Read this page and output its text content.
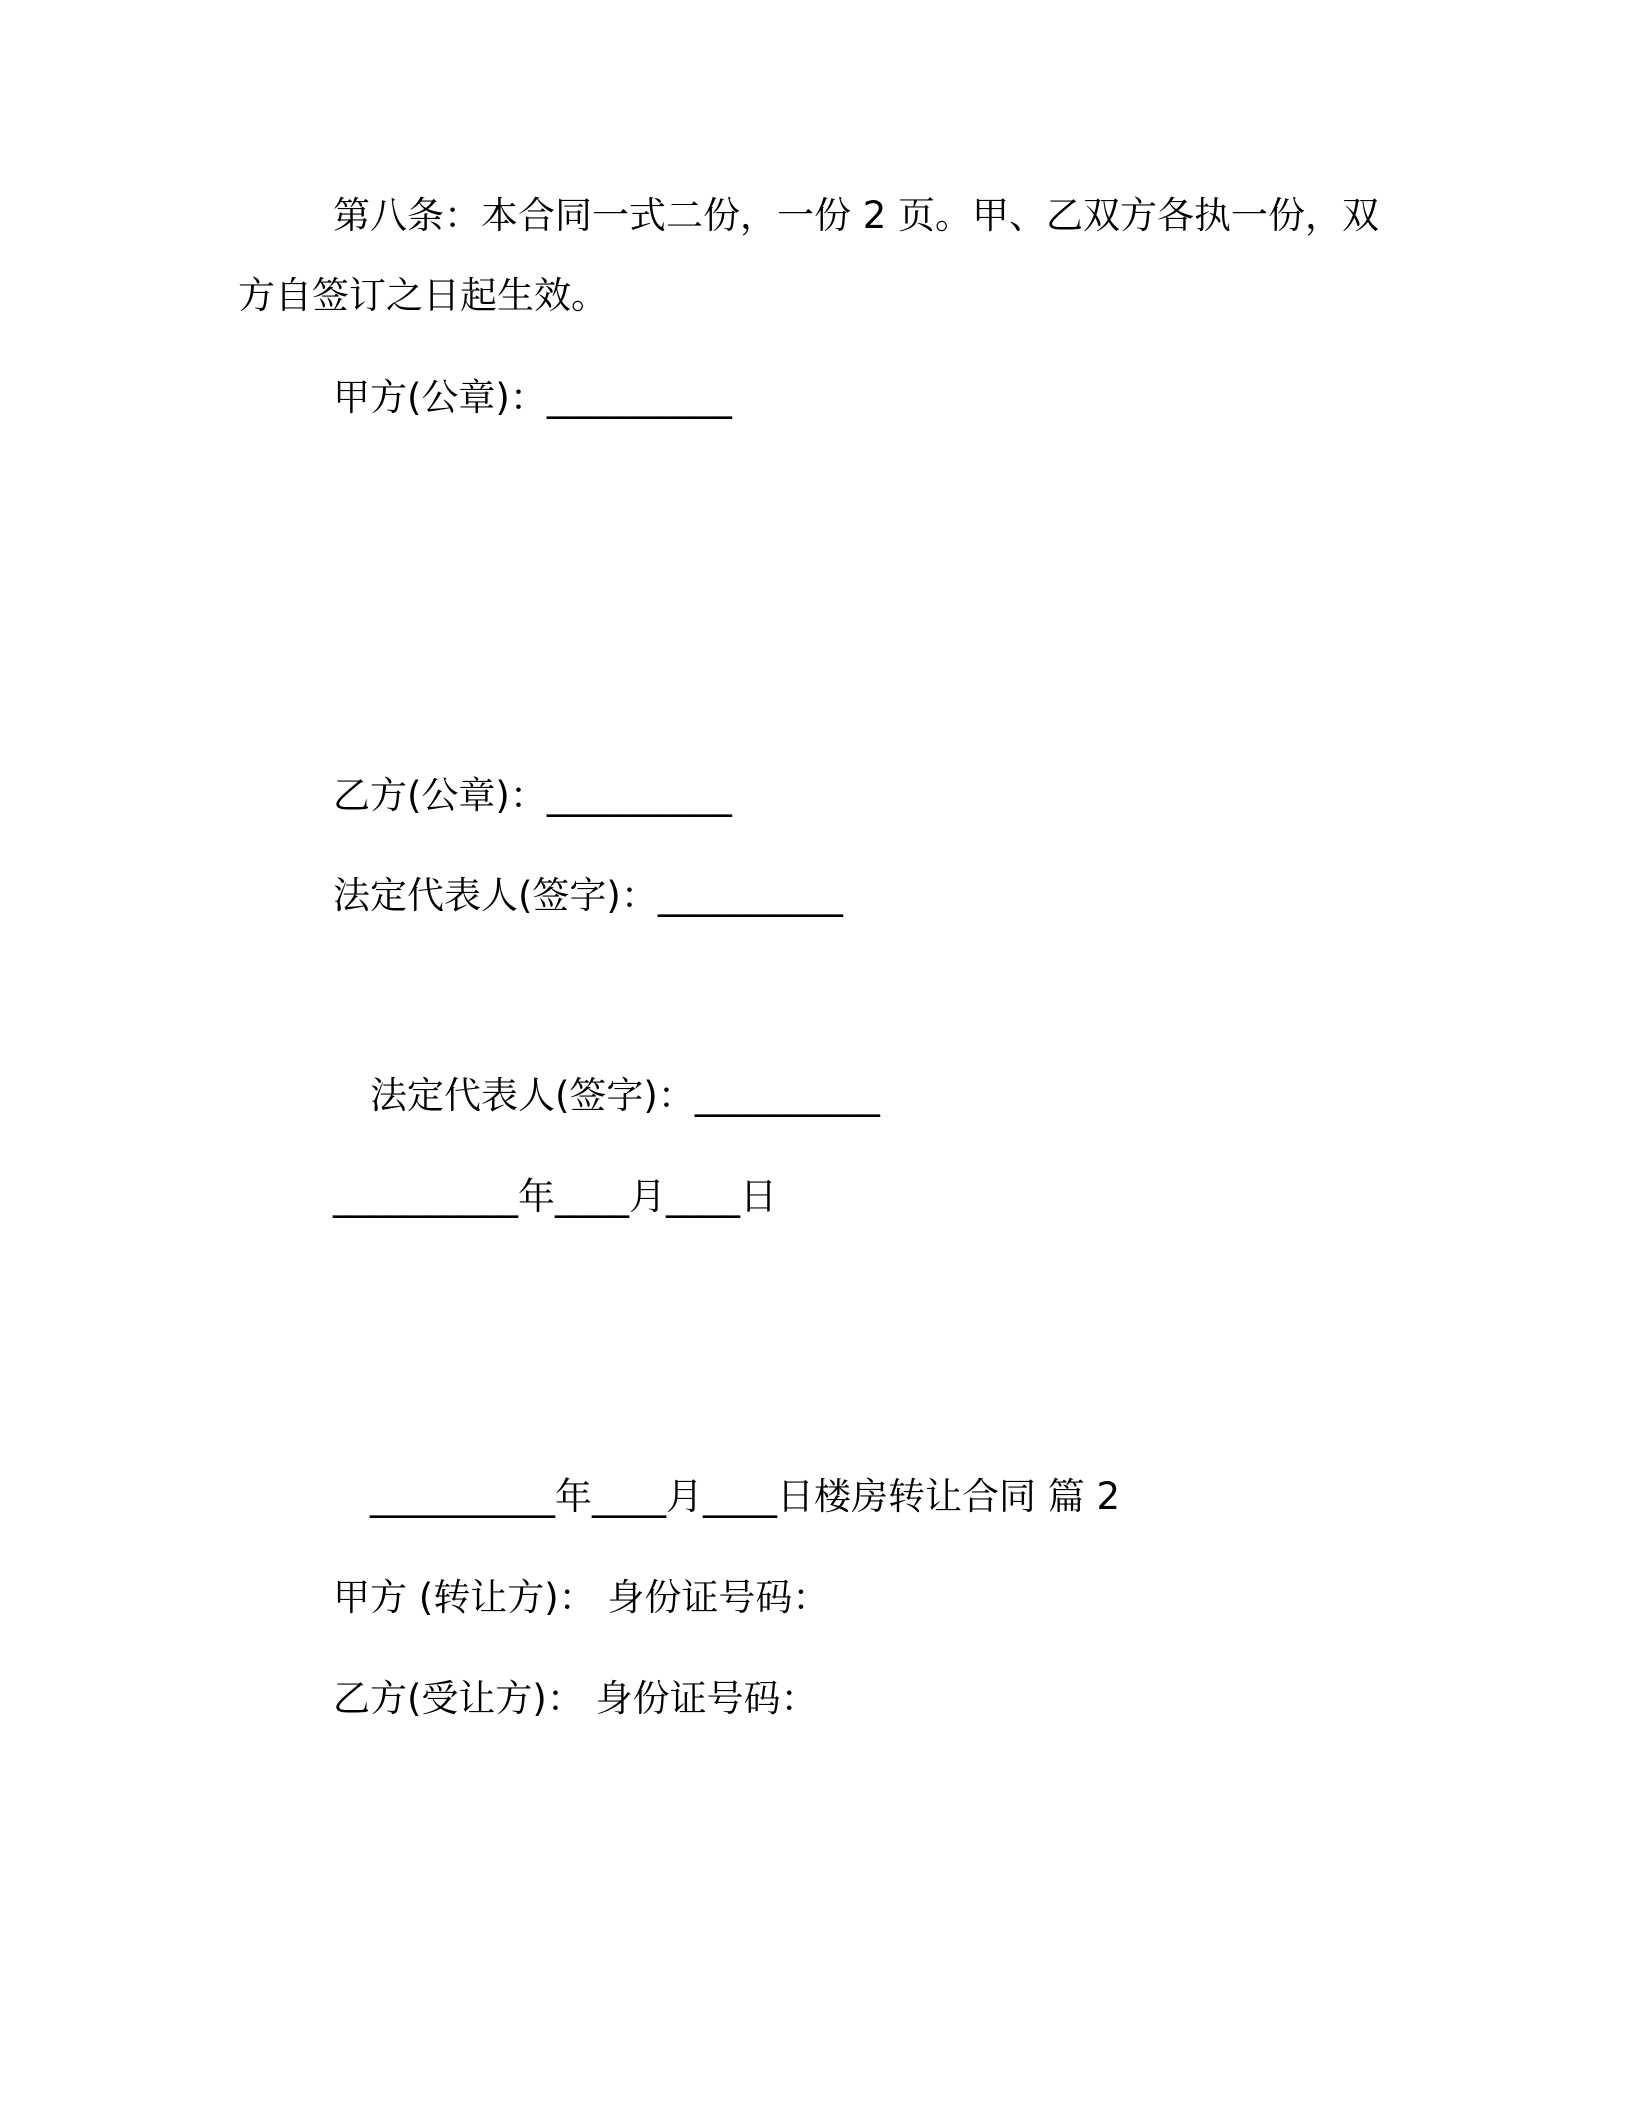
第八条：本合同一式二份，一份 2 页。甲、乙双方各执一份，双

方自签订之日起生效。

甲方(公章)：__________

乙方(公章)：__________

法定代表人(签字)：__________

法定代表人(签字)：__________

__________年____月____日

__________年____月____日楼房转让合同 篇 2

甲方 (转让方)： 身份证号码：

乙方(受让方)： 身份证号码：
